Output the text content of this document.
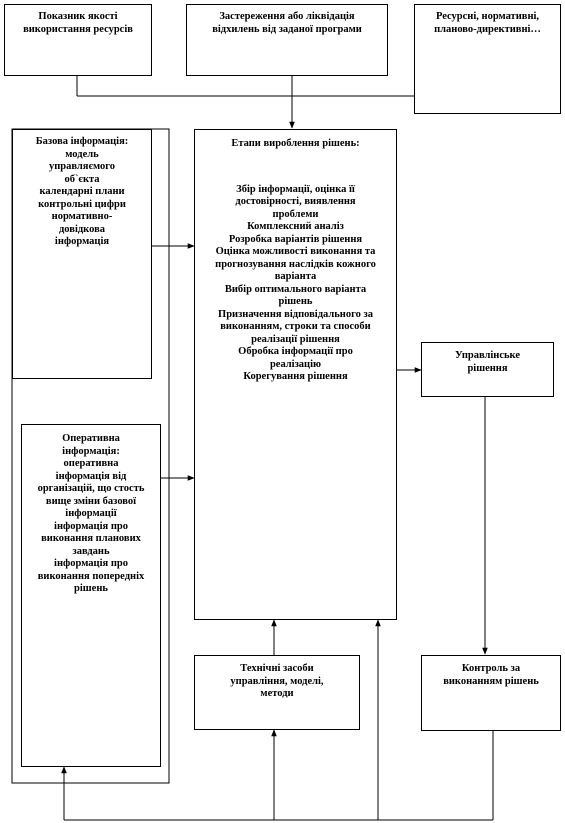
Показник якості використання ресурсів
Застереження або ліквідація відхилень від заданої програми
Ресурсні, нормативні, планово-директивні…
Базова інформація:
модель
управляємого
об`єкта
календарні плани
контрольні цифри
нормативно-
довідкова
інформація
Етапи вироблення рішень:
Збір інформації, оцінка її достовірності, виявлення проблеми
Комплексний аналіз
Розробка варіантів рішення
Оцінка можливості виконання та прогнозування наслідків кожного варіанта
Вибір оптимального варіанта рішень
Призначення відповідального за виконанням, строки та способи реалізації рішення
Обробка інформації про реалізацію
Корегування рішення
Управлінське рішення
Оперативна інформація:
оперативна
інформація від організацій, що стость вище зміни базової інформації
інформація про виконання планових завдань
інформація про виконання попередніх рішень
Технічні засоби управління, моделі, методи
Контроль за виконанням рішень
